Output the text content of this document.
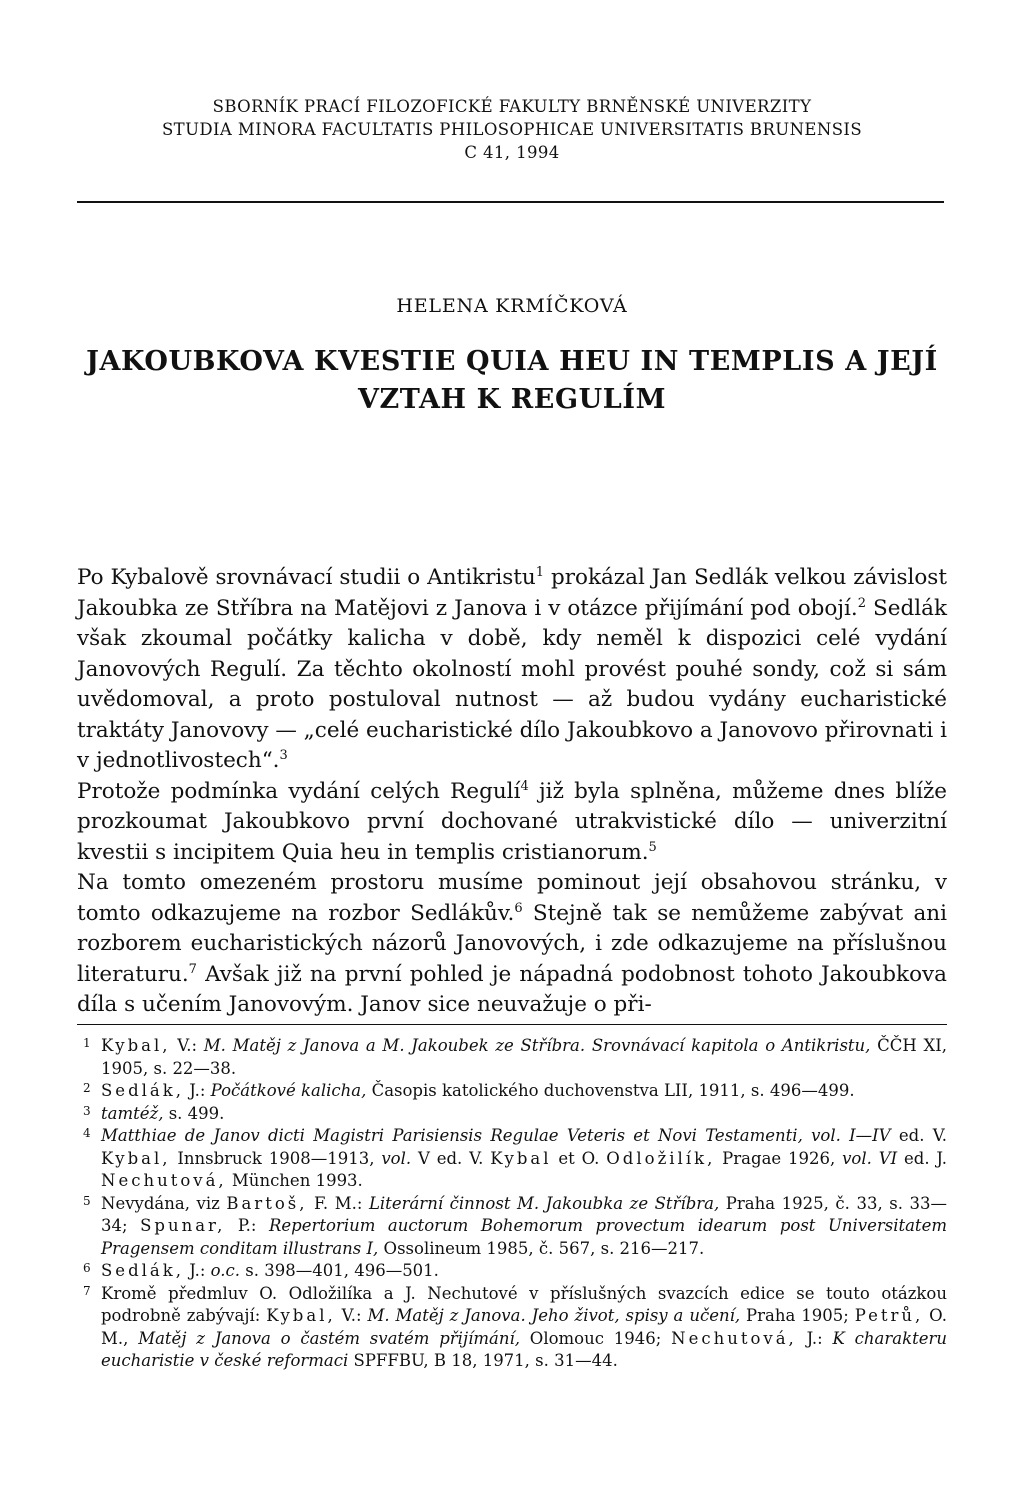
SBORNÍK PRACÍ FILOZOFICKÉ FAKULTY BRNĚNSKÉ UNIVERZITY
STUDIA MINORA FACULTATIS PHILOSOPHICAE UNIVERSITATIS BRUNENSIS
C 41, 1994
HELENA KRMÍČKOVÁ
JAKOUBKOVA KVESTIE QUIA HEU IN TEMPLIS A JEJÍ
VZTAH K REGULÍM

Po Kybalově srovnávací studii o Antikristu$^1$ prokázal Jan Sedlák velkou závislost Jakoubka ze Stříbra na Matějovi z Janova i v otázce přijímání pod obojí.$^2$ Sedlák však zkoumal počátky kalicha v době, kdy neměl k dispozici celé vydání Janovových Regulí. Za těchto okolností mohl provést pouhé sondy, což si sám uvědomoval, a proto postuloval nutnost — až budou vydány eucharistické traktáty Janovovy — „celé eucharistické dílo Jakoubkovo a Janovovo přirovnati i v jednotlivostech“.$^3$

Protože podmínka vydání celých Regulí$^4$ již byla splněna, můžeme dnes blíže prozkoumat Jakoubkovo první dochované utrakvistické dílo — univerzitní kvestii s incipitem Quia heu in templis cristianorum.$^5$

Na tomto omezeném prostoru musíme pominout její obsahovou stránku, v tomto odkazujeme na rozbor Sedlákův.$^6$ Stejně tak se nemůžeme zabývat ani rozborem eucharistických názorů Janovových, i zde odkazujeme na příslušnou literaturu.$^7$ Avšak již na první pohled je nápadná podobnost tohoto Jakoubkova díla s učením Janovovým. Janov sice neuvažuje o při-

1 Kybal, V.: M. Matěj z Janova a M. Jakoubek ze Stříbra. Srovnávací kapitola o Antikristu, ČČH XI, 1905, s. 22—38.
2 Sedlák, J.: Počátkové kalicha, Časopis katolického duchovenstva LII, 1911, s. 496—499.
3 tamtéž, s. 499.
4 Matthiae de Janov dicti Magistri Parisiensis Regulae Veteris et Novi Testamenti, vol. I—IV ed. V. Kybal, Innsbruck 1908—1913, vol. V ed. V. Kybal et O. Odložilík, Pragae 1926, vol. VI ed. J. Nechutová, München 1993.
5 Nevydána, viz Bartoš, F. M.: Literární činnost M. Jakoubka ze Stříbra, Praha 1925, č. 33, s. 33—34; Spunar, P.: Repertorium auctorum Bohemorum provectum idearum post Universitatem Pragensem conditam illustrans I, Ossolineum 1985, č. 567, s. 216—217.
6 Sedlák, J.: o.c. s. 398—401, 496—501.
7 Kromě předmluv O. Odložilíka a J. Nechutové v příslušných svazcích edice se touto otázkou podrobně zabývají: Kybal, V.: M. Matěj z Janova. Jeho život, spisy a učení, Praha 1905; Petrů, O. M., Matěj z Janova o častém svatém přijímání, Olomouc 1946; Nechutová, J.: K charakteru eucharistie v české reformaci SPFFBU, B 18, 1971, s. 31—44.
